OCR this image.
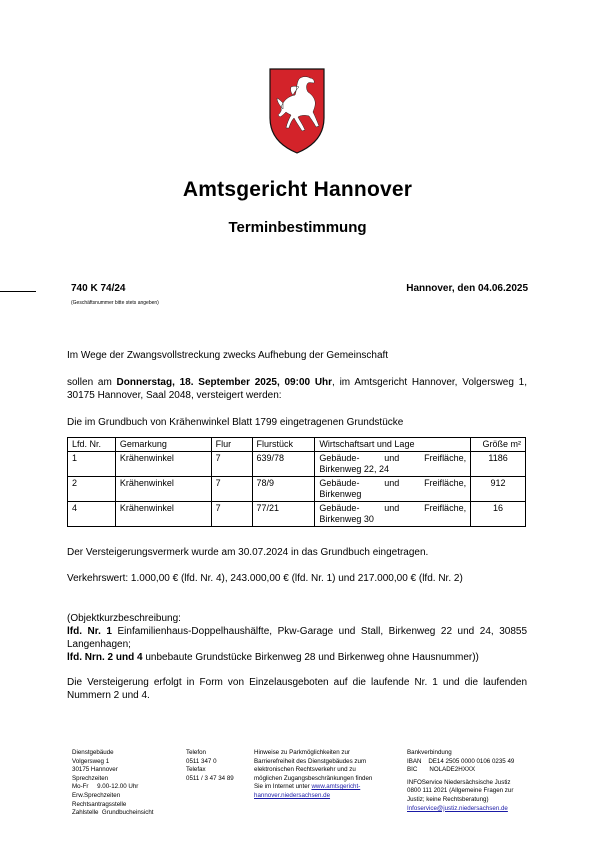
Amtsgericht Hannover
Terminbestimmung
740 K 74/24	Hannover, den 04.06.2025
(Geschäftsnummer bitte stets angeben)
Im Wege der Zwangsvollstreckung zwecks Aufhebung der Gemeinschaft
sollen am Donnerstag, 18. September 2025, 09:00 Uhr, im Amtsgericht Hannover, Volgersweg 1, 30175 Hannover, Saal 2048, versteigert werden:
Die im Grundbuch von Krähenwinkel Blatt 1799 eingetragenen Grundstücke
Lfd. Nr.	Gemarkung	Flur	Flurstück	Wirtschaftsart und Lage	Größe m²
1	Krähenwinkel	7	639/78	Gebäude- und Freifläche,
Birkenweg 22, 24	1186
2	Krähenwinkel	7	78/9	Gebäude- und Freifläche,
Birkenweg	912
4	Krähenwinkel	7	77/21	Gebäude- und Freifläche,
Birkenweg 30	16
Der Versteigerungsvermerk wurde am 30.07.2024 in das Grundbuch eingetragen.
Verkehrswert: 1.000,00 € (lfd. Nr. 4), 243.000,00 € (lfd. Nr. 1) und 217.000,00 € (lfd. Nr. 2)
(Objektkurzbeschreibung:
lfd. Nr. 1 Einfamilienhaus-Doppelhaushälfte, Pkw-Garage und Stall, Birkenweg 22 und 24, 30855 Langenhagen;
lfd. Nrn. 2 und 4 unbebaute Grundstücke Birkenweg 28 und Birkenweg ohne Hausnummer))
Die Versteigerung erfolgt in Form von Einzelausgeboten auf die laufende Nr. 1 und die laufenden Nummern 2 und 4.
Dienstgebäude
Volgersweg 1
30175 Hannover
Sprechzeiten
Mo-Fr     9.00-12.00 Uhr
Erw.Sprechzeiten
Rechtsantragsstelle
Zahlstelle  Grundbucheinsicht
Telefon
0511 347 0
Telefax
0511 / 3 47 34 89
Hinweise zu Parkmöglichkeiten zur
Barrierefreiheit des Dienstgebäudes zum
elektronischen Rechtsverkehr und zu
möglichen Zugangsbeschränkungen finden
Sie im Internet unter www.amtsgericht-
hannover.niedersachsen.de
Bankverbindung
IBAN    DE14 2505 0000 0106 0235 49
BIC       NOLADE2HXXX
INFOService Niedersächsische Justiz
0800 111 2021 (Allgemeine Fragen zur
Justiz; keine Rechtsberatung)
Infoservice@justiz.niedersachsen.de
